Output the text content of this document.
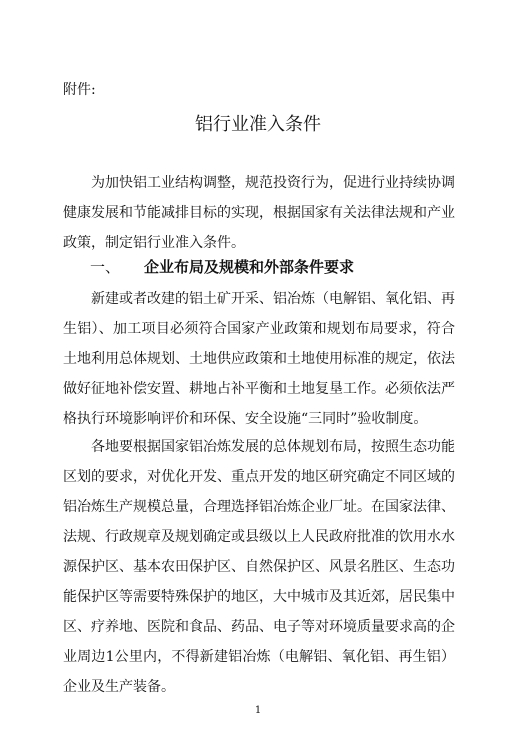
附件:
铝行业准入条件

为加快铝工业结构调整，规范投资行为，促进行业持续协调健康发展和节能减排目标的实现，根据国家有关法律法规和产业政策，制定铝行业准入条件。

一、 企业布局及规模和外部条件要求

新建或者改建的铝土矿开采、铝冶炼（电解铝、氧化铝、再生铝）、加工项目必须符合国家产业政策和规划布局要求，符合土地利用总体规划、土地供应政策和土地使用标准的规定，依法做好征地补偿安置、耕地占补平衡和土地复垦工作。必须依法严格执行环境影响评价和环保、安全设施“三同时”验收制度。

各地要根据国家铝冶炼发展的总体规划布局，按照生态功能区划的要求，对优化开发、重点开发的地区研究确定不同区域的铝冶炼生产规模总量，合理选择铝冶炼企业厂址。在国家法律、法规、行政规章及规划确定或县级以上人民政府批准的饮用水水源保护区、基本农田保护区、自然保护区、风景名胜区、生态功能保护区等需要特殊保护的地区，大中城市及其近郊，居民集中区、疗养地、医院和食品、药品、电子等对环境质量要求高的企业周边1公里内，不得新建铝冶炼（电解铝、氧化铝、再生铝）企业及生产装备。

1
